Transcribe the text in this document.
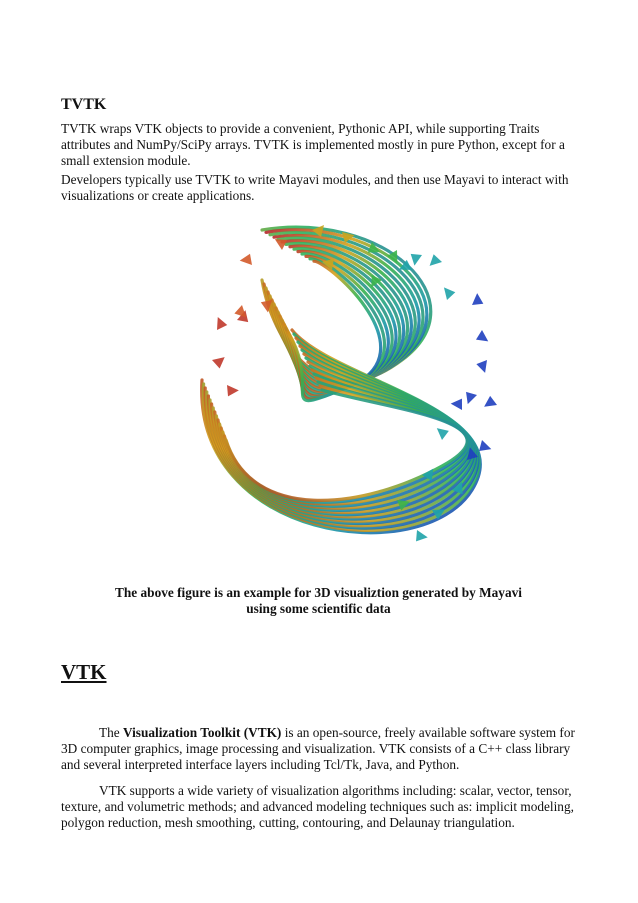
TVTK

TVTK wraps VTK objects to provide a convenient, Pythonic API, while supporting Traits attributes and NumPy/SciPy arrays. TVTK is implemented mostly in pure Python, except for a small extension module.

Developers typically use TVTK to write Mayavi modules, and then use Mayavi to interact with visualizations or create applications.

The above figure is an example for 3D visualiztion generated by Mayavi
using some scientific data

VTK

The Visualization Toolkit (VTK) is an open-source, freely available software system for 3D computer graphics, image processing and visualization. VTK consists of a C++ class library and several interpreted interface layers including Tcl/Tk, Java, and Python.

VTK supports a wide variety of visualization algorithms including: scalar, vector, tensor, texture, and volumetric methods; and advanced modeling techniques such as: implicit modeling, polygon reduction, mesh smoothing, cutting, contouring, and Delaunay triangulation.
